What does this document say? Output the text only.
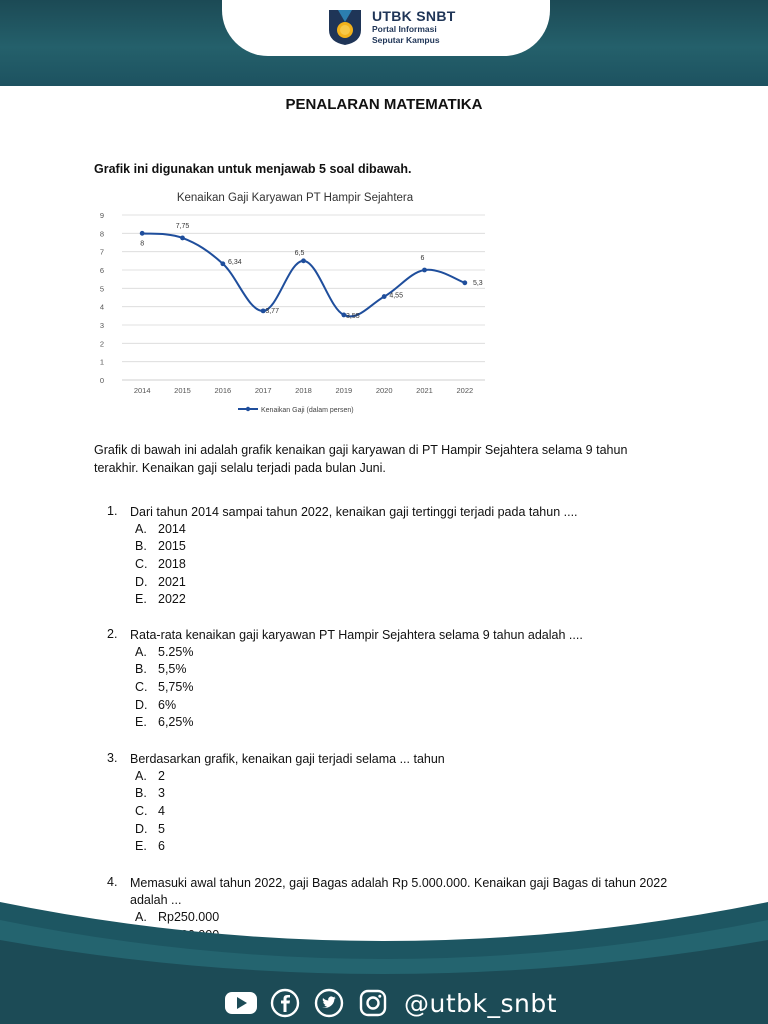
UTBK SNBT
Portal Informasi
Seputar Kampus
PENALARAN MATEMATIKA
Grafik ini digunakan untuk menjawab 5 soal dibawah.
Kenaikan Gaji Karyawan PT Hampir Sejahtera
0
1
2
3
4
5
6
7
8
9
2014	2015	2016	2017	2018	2019	2020	2021	2022
8
7,75
6,34
3,77
6,5
3,55
4,55
6
5,3
Kenaikan Gaji (dalam persen)
Grafik di bawah ini adalah grafik kenaikan gaji karyawan di PT Hampir Sejahtera selama 9 tahun terakhir. Kenaikan gaji selalu terjadi pada bulan Juni.
1. Dari tahun 2014 sampai tahun 2022, kenaikan gaji tertinggi terjadi pada tahun ....
A. 2014
B. 2015
C. 2018
D. 2021
E. 2022
2. Rata-rata kenaikan gaji karyawan PT Hampir Sejahtera selama 9 tahun adalah ....
A. 5.25%
B. 5,5%
C. 5,75%
D. 6%
E. 6,25%
3. Berdasarkan grafik, kenaikan gaji terjadi selama ... tahun
A. 2
B. 3
C. 4
D. 5
E. 6
4. Memasuki awal tahun 2022, gaji Bagas adalah Rp 5.000.000. Kenaikan gaji Bagas di tahun 2022 adalah ...
A. Rp250.000
@utbk_snbt
